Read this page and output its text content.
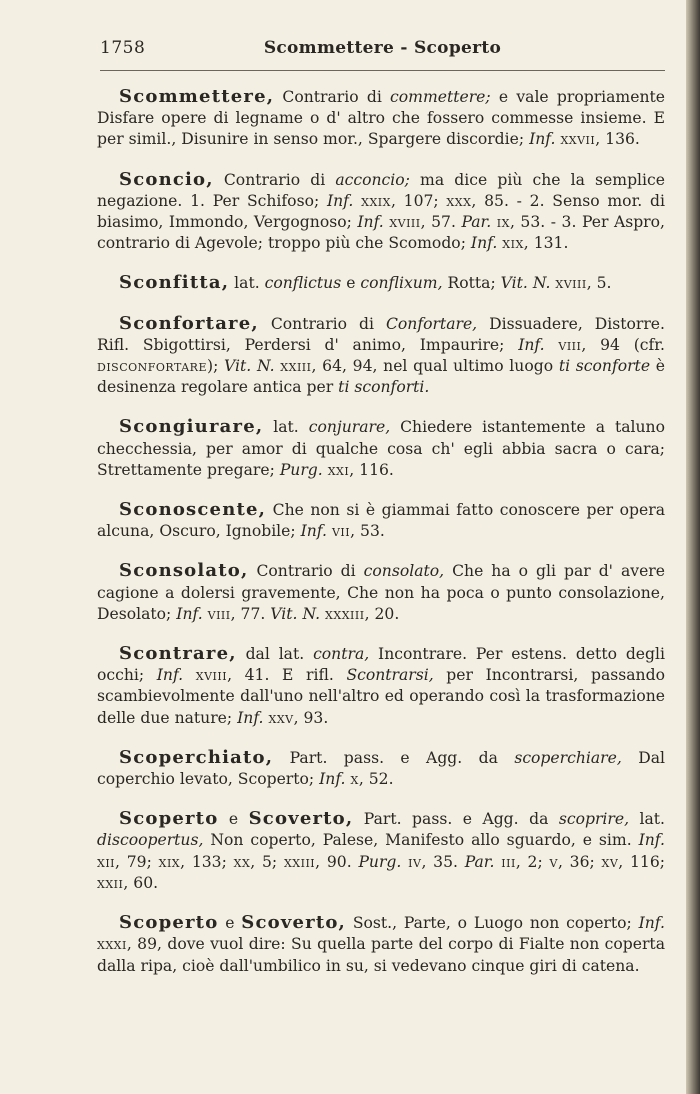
1758	Scommettere - Scoperto

Scommettere, Contrario di commettere; e vale propriamente Disfare opere di legname o d' altro che fossero commesse insieme. E per simil., Disunire in senso mor., Spargere discordie; Inf. xxvii, 136.

Sconcio, Contrario di acconcio; ma dice più che la semplice negazione. 1. Per Schifoso; Inf. xxix, 107; xxx, 85. - 2. Senso mor. di biasimo, Immondo, Vergognoso; Inf. xviii, 57. Par. ix, 53. - 3. Per Aspro, contrario di Agevole; troppo più che Scomodo; Inf. xix, 131.

Sconfitta, lat. conflictus e conflixum, Rotta; Vit. N. xviii, 5.

Sconfortare, Contrario di Confortare, Dissuadere, Distorre. Rifl. Sbigottirsi, Perdersi d' animo, Impaurire; Inf. viii, 94 (cfr. disconfortare); Vit. N. xxiii, 64, 94, nel qual ultimo luogo ti sconforte è desinenza regolare antica per ti sconforti.

Scongiurare, lat. conjurare, Chiedere istantemente a taluno checchessia, per amor di qualche cosa ch' egli abbia sacra o cara; Strettamente pregare; Purg. xxi, 116.

Sconoscente, Che non si è giammai fatto conoscere per opera alcuna, Oscuro, Ignobile; Inf. vii, 53.

Sconsolato, Contrario di consolato, Che ha o gli par d' avere cagione a dolersi gravemente, Che non ha poca o punto consolazione, Desolato; Inf. viii, 77. Vit. N. xxxiii, 20.

Scontrare, dal lat. contra, Incontrare. Per estens. detto degli occhi; Inf. xviii, 41. E rifl. Scontrarsi, per Incontrarsi, passando scambievolmente dall'uno nell'altro ed operando così la trasformazione delle due nature; Inf. xxv, 93.

Scoperchiato, Part. pass. e Agg. da scoperchiare, Dal coperchio levato, Scoperto; Inf. x, 52.

Scoperto e Scoverto, Part. pass. e Agg. da scoprire, lat. discoopertus, Non coperto, Palese, Manifesto allo sguardo, e sim. Inf. xii, 79; xix, 133; xx, 5; xxiii, 90. Purg. iv, 35. Par. iii, 2; v, 36; xv, 116; xxii, 60.

Scoperto e Scoverto, Sost., Parte, o Luogo non coperto; Inf. xxxi, 89, dove vuol dire: Su quella parte del corpo di Fialte non coperta dalla ripa, cioè dall'umbilico in su, si vedevano cinque giri di catena.
